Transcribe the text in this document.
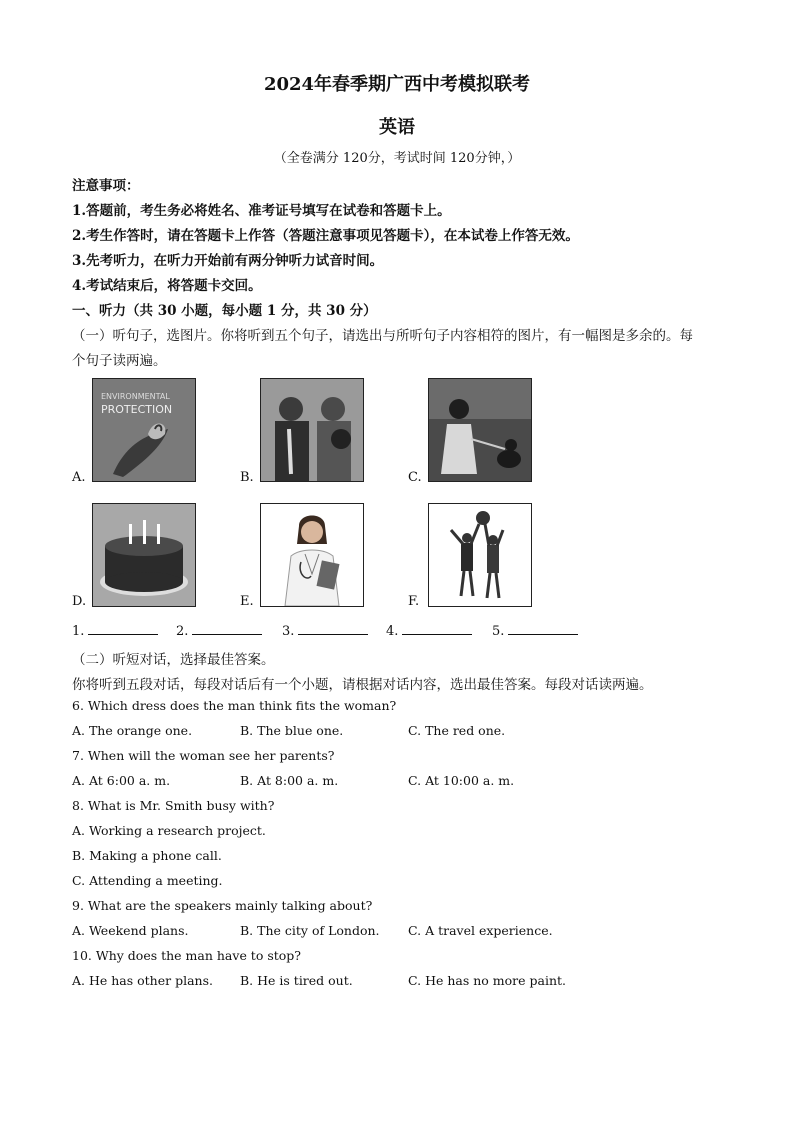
2024年春季期广西中考模拟联考
英语
（全卷满分 120分，考试时间 120分钟，）
注意事项：
1.答题前，考生务必将姓名、准考证号填写在试卷和答题卡上。
2.考生作答时，请在答题卡上作答（答题注意事项见答题卡），在本试卷上作答无效。
3.先考听力，在听力开始前有两分钟听力试音时间。
4.考试结束后，将答题卡交回。
一、听力（共 30 小题，每小题 1 分，共 30 分）
（一）听句子，选图片。你将听到五个句子，请选出与所听句子内容相符的图片，有一幅图是多余的。每
个句子读两遍。
A.
ENVIRONMENTAL
PROTECTION
B.	C.
D.	E.	F.
1.	2.	3.	4.	5.
（二）听短对话，选择最佳答案。
你将听到五段对话，每段对话后有一个小题，请根据对话内容，选出最佳答案。每段对话读两遍。
6. Which dress does the man think fits the woman?
A. The orange one.	B. The blue one.	C. The red one.
7. When will the woman see her parents?
A. At 6:00 a. m.	B. At 8:00 a. m.	C. At 10:00 a. m.
8. What is Mr. Smith busy with?
A. Working a research project.
B. Making a phone call.
C. Attending a meeting.
9. What are the speakers mainly talking about?
A. Weekend plans.	B. The city of London. C. A travel experience.
10. Why does the man have to stop?
A. He has other plans. B. He is tired out.	C. He has no more paint.
